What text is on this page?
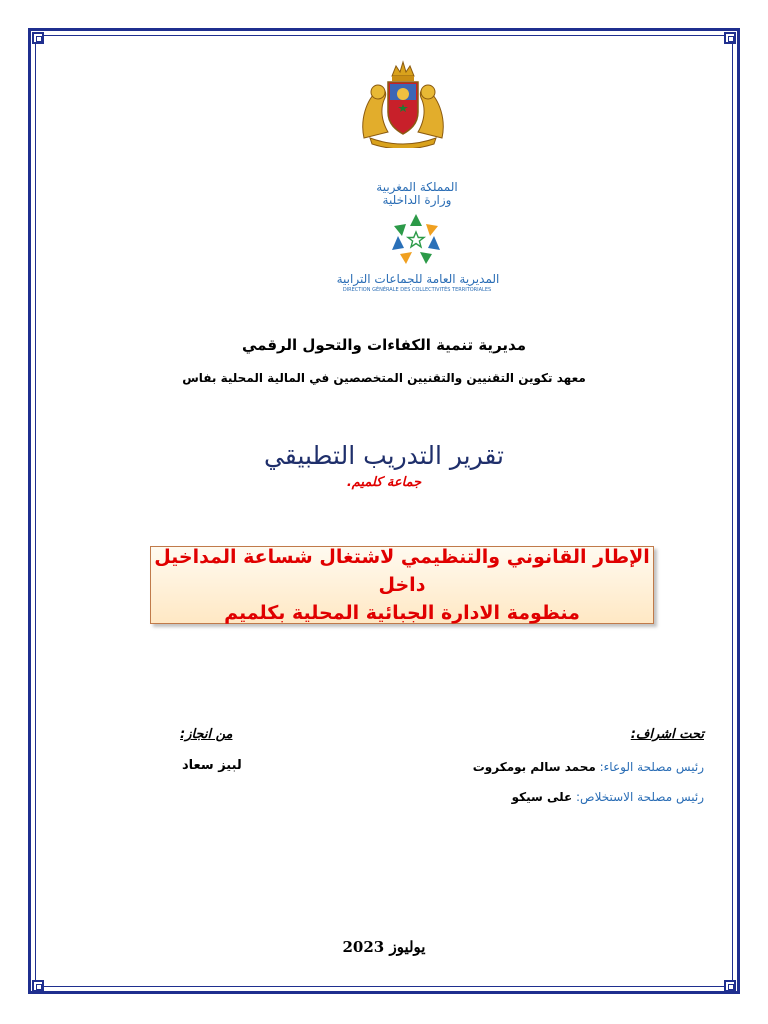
المملكة المغربية
وزارة الداخلية
المديرية العامة للجماعات الترابية
DIRECTION GÉNÉRALE DES COLLECTIVITÉS TERRITORIALES
مديرية تنمية الكفاءات والتحول الرقمي
معهد تكوين التقنيين والتقنيين المتخصصين في المالية المحلية بفاس
تقرير التدريب التطبيقي
جماعة كلميم.
الإطار القانوني والتنظيمي لاشتغال شساعة المداخيل داخل
منظومة الادارة الجبائية المحلية بكلميم
تحت اشراف:
رئيس مصلحة الوعاء: محمد سالم بومكروت
رئيس مصلحة الاستخلاص: على سيكو
من انجاز:
لبيز سعاد
يوليوز 2023
